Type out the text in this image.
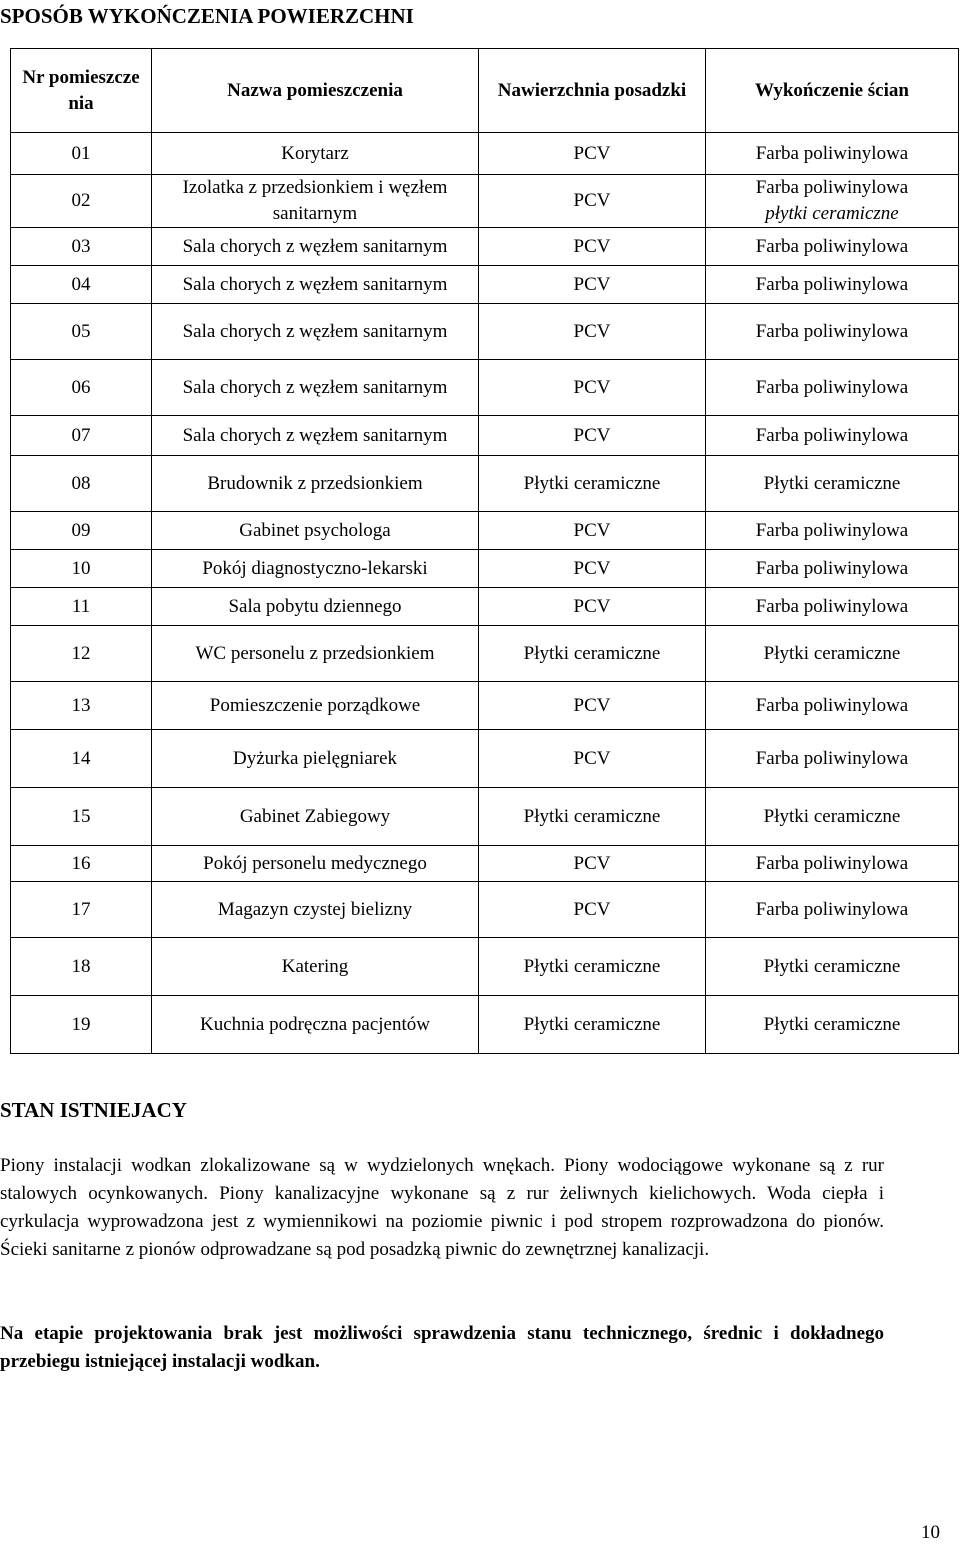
SPOSÓB WYKOŃCZENIA POWIERZCHNI
Nr pomieszcze nia	Nazwa pomieszczenia	Nawierzchnia posadzki	Wykończenie ścian
01	Korytarz	PCV	Farba poliwinylowa
02	Izolatka z przedsionkiem i węzłem sanitarnym	PCV	Farba poliwinylowa
płytki ceramiczne
03	Sala chorych z węzłem sanitarnym	PCV	Farba poliwinylowa
04	Sala chorych z węzłem sanitarnym	PCV	Farba poliwinylowa
05	Sala chorych z węzłem sanitarnym	PCV	Farba poliwinylowa
06	Sala chorych z węzłem sanitarnym	PCV	Farba poliwinylowa
07	Sala chorych z węzłem sanitarnym	PCV	Farba poliwinylowa
08	Brudownik z przedsionkiem	Płytki ceramiczne	Płytki ceramiczne
09	Gabinet psychologa	PCV	Farba poliwinylowa
10	Pokój diagnostyczno-lekarski	PCV	Farba poliwinylowa
11	Sala pobytu dziennego	PCV	Farba poliwinylowa
12	WC personelu z przedsionkiem	Płytki ceramiczne	Płytki ceramiczne
13	Pomieszczenie porządkowe	PCV	Farba poliwinylowa
14	Dyżurka pielęgniarek	PCV	Farba poliwinylowa
15	Gabinet Zabiegowy	Płytki ceramiczne	Płytki ceramiczne
16	Pokój personelu medycznego	PCV	Farba poliwinylowa
17	Magazyn czystej bielizny	PCV	Farba poliwinylowa
18	Katering	Płytki ceramiczne	Płytki ceramiczne
19	Kuchnia podręczna pacjentów	Płytki ceramiczne	Płytki ceramiczne
STAN ISTNIEJACY
Piony instalacji wodkan zlokalizowane są w wydzielonych wnękach. Piony wodociągowe wykonane są z rur stalowych ocynkowanych. Piony kanalizacyjne wykonane są z rur żeliwnych kielichowych. Woda ciepła i cyrkulacja wyprowadzona jest z wymiennikowi na poziomie piwnic i pod stropem rozprowadzona do pionów. Ścieki sanitarne z pionów odprowadzane są pod posadzką piwnic do zewnętrznej kanalizacji.
Na etapie projektowania brak jest możliwości sprawdzenia stanu technicznego, średnic i dokładnego przebiegu istniejącej instalacji wodkan.
10
